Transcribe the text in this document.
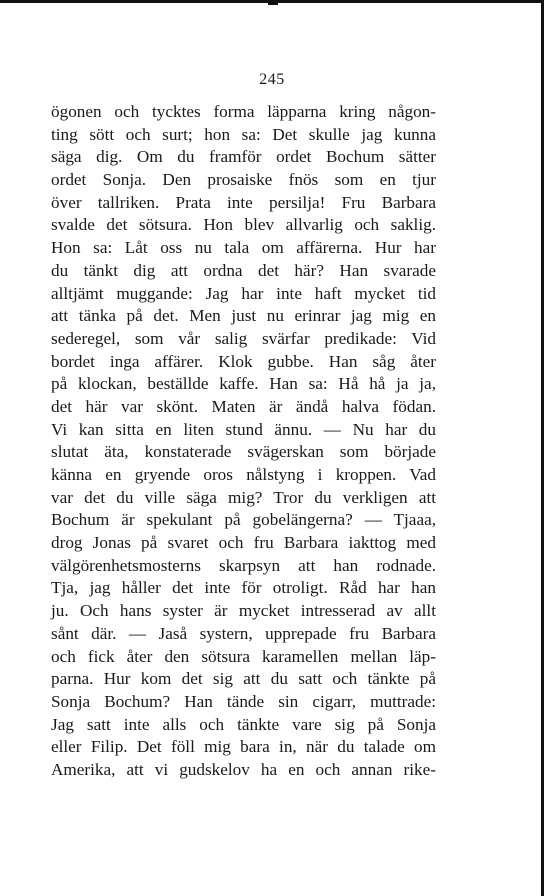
245
ögonen och tycktes forma läpparna kring någon-
ting sött och surt; hon sa: Det skulle jag kunna
säga dig. Om du framför ordet Bochum sätter
ordet Sonja. Den prosaiske fnös som en tjur
över tallriken. Prata inte persilja! Fru Barbara
svalde det sötsura. Hon blev allvarlig och saklig.
Hon sa: Låt oss nu tala om affärerna. Hur har
du tänkt dig att ordna det här? Han svarade
alltjämt muggande: Jag har inte haft mycket tid
att tänka på det. Men just nu erinrar jag mig en
sederegel, som vår salig svärfar predikade: Vid
bordet inga affärer. Klok gubbe. Han såg åter
på klockan, beställde kaffe. Han sa: Hå hå ja ja,
det här var skönt. Maten är ändå halva födan.
Vi kan sitta en liten stund ännu. — Nu har du
slutat äta, konstaterade svägerskan som började
känna en gryende oros nålstyng i kroppen. Vad
var det du ville säga mig? Tror du verkligen att
Bochum är spekulant på gobelängerna? — Tjaaa,
drog Jonas på svaret och fru Barbara iakttog med
välgörenhetsmosterns skarpsyn att han rodnade.
Tja, jag håller det inte för otroligt. Råd har han
ju. Och hans syster är mycket intresserad av allt
sånt där. — Jaså systern, upprepade fru Barbara
och fick åter den sötsura karamellen mellan läp-
parna. Hur kom det sig att du satt och tänkte på
Sonja Bochum? Han tände sin cigarr, muttrade:
Jag satt inte alls och tänkte vare sig på Sonja
eller Filip. Det föll mig bara in, när du talade om
Amerika, att vi gudskelov ha en och annan rike-
